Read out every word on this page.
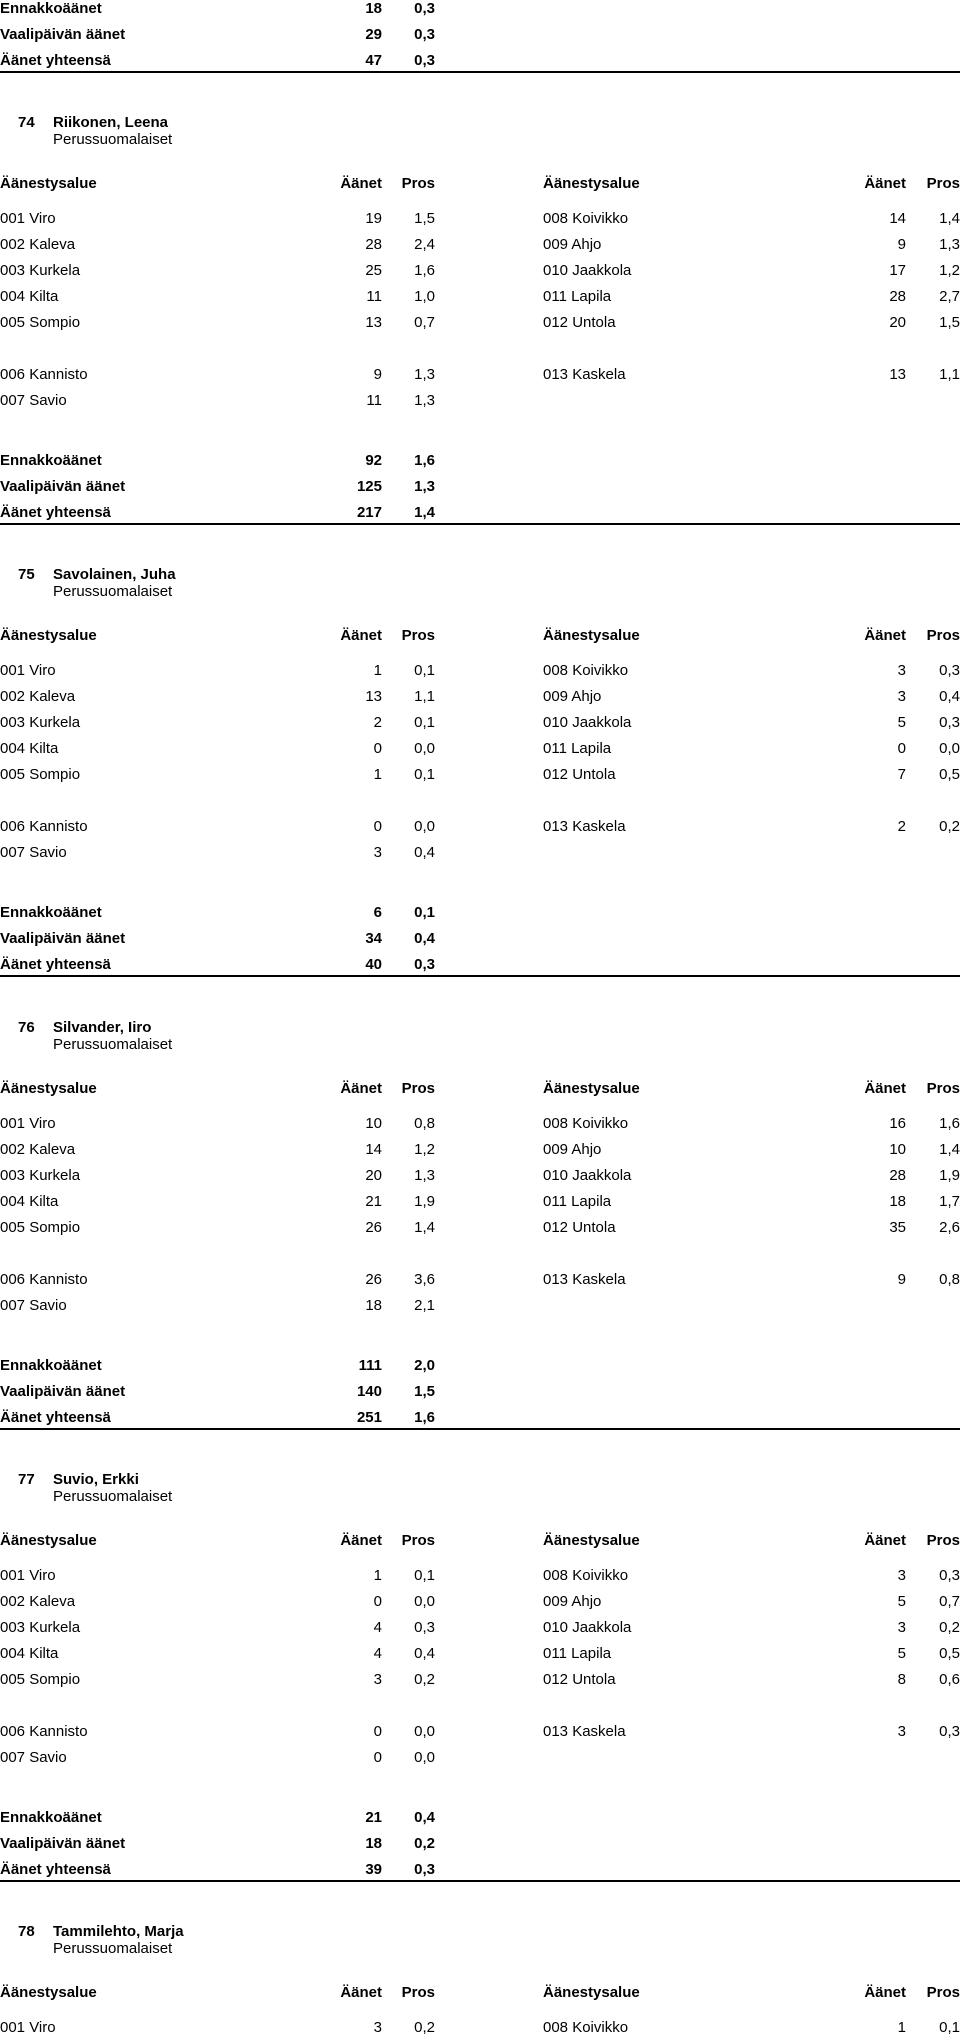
Ennakkoäänet	18 0,3
Vaalipäivän äänet	29 0,3
Äänet yhteensä	47 0,3
74 Riikonen, Leena
Perussuomalaiset
Äänestysalue	Äänet Pros	Äänestysalue	Äänet Pros
001 Viro	19 1,5	008 Koivikko	14 1,4
002 Kaleva	28 2,4	009 Ahjo	9 1,3
003 Kurkela	25 1,6	010 Jaakkola	17 1,2
004 Kilta	11 1,0	011 Lapila	28 2,7
005 Sompio	13 0,7	012 Untola	20 1,5
006 Kannisto	9 1,3	013 Kaskela	13 1,1
007 Savio	11 1,3
Ennakkoäänet	92 1,6
Vaalipäivän äänet	125 1,3
Äänet yhteensä	217 1,4
75 Savolainen, Juha
Perussuomalaiset
Äänestysalue	Äänet Pros	Äänestysalue	Äänet Pros
001 Viro	1 0,1	008 Koivikko	3 0,3
002 Kaleva	13 1,1	009 Ahjo	3 0,4
003 Kurkela	2 0,1	010 Jaakkola	5 0,3
004 Kilta	0 0,0	011 Lapila	0 0,0
005 Sompio	1 0,1	012 Untola	7 0,5
006 Kannisto	0 0,0	013 Kaskela	2 0,2
007 Savio	3 0,4
Ennakkoäänet	6 0,1
Vaalipäivän äänet	34 0,4
Äänet yhteensä	40 0,3
76 Silvander, Iiro
Perussuomalaiset
Äänestysalue	Äänet Pros	Äänestysalue	Äänet Pros
001 Viro	10 0,8	008 Koivikko	16 1,6
002 Kaleva	14 1,2	009 Ahjo	10 1,4
003 Kurkela	20 1,3	010 Jaakkola	28 1,9
004 Kilta	21 1,9	011 Lapila	18 1,7
005 Sompio	26 1,4	012 Untola	35 2,6
006 Kannisto	26 3,6	013 Kaskela	9 0,8
007 Savio	18 2,1
Ennakkoäänet	111 2,0
Vaalipäivän äänet	140 1,5
Äänet yhteensä	251 1,6
77 Suvio, Erkki
Perussuomalaiset
Äänestysalue	Äänet Pros	Äänestysalue	Äänet Pros
001 Viro	1 0,1	008 Koivikko	3 0,3
002 Kaleva	0 0,0	009 Ahjo	5 0,7
003 Kurkela	4 0,3	010 Jaakkola	3 0,2
004 Kilta	4 0,4	011 Lapila	5 0,5
005 Sompio	3 0,2	012 Untola	8 0,6
006 Kannisto	0 0,0	013 Kaskela	3 0,3
007 Savio	0 0,0
Ennakkoäänet	21 0,4
Vaalipäivän äänet	18 0,2
Äänet yhteensä	39 0,3
78 Tammilehto, Marja
Perussuomalaiset
Äänestysalue	Äänet Pros	Äänestysalue	Äänet Pros
001 Viro	3 0,2	008 Koivikko	1 0,1
